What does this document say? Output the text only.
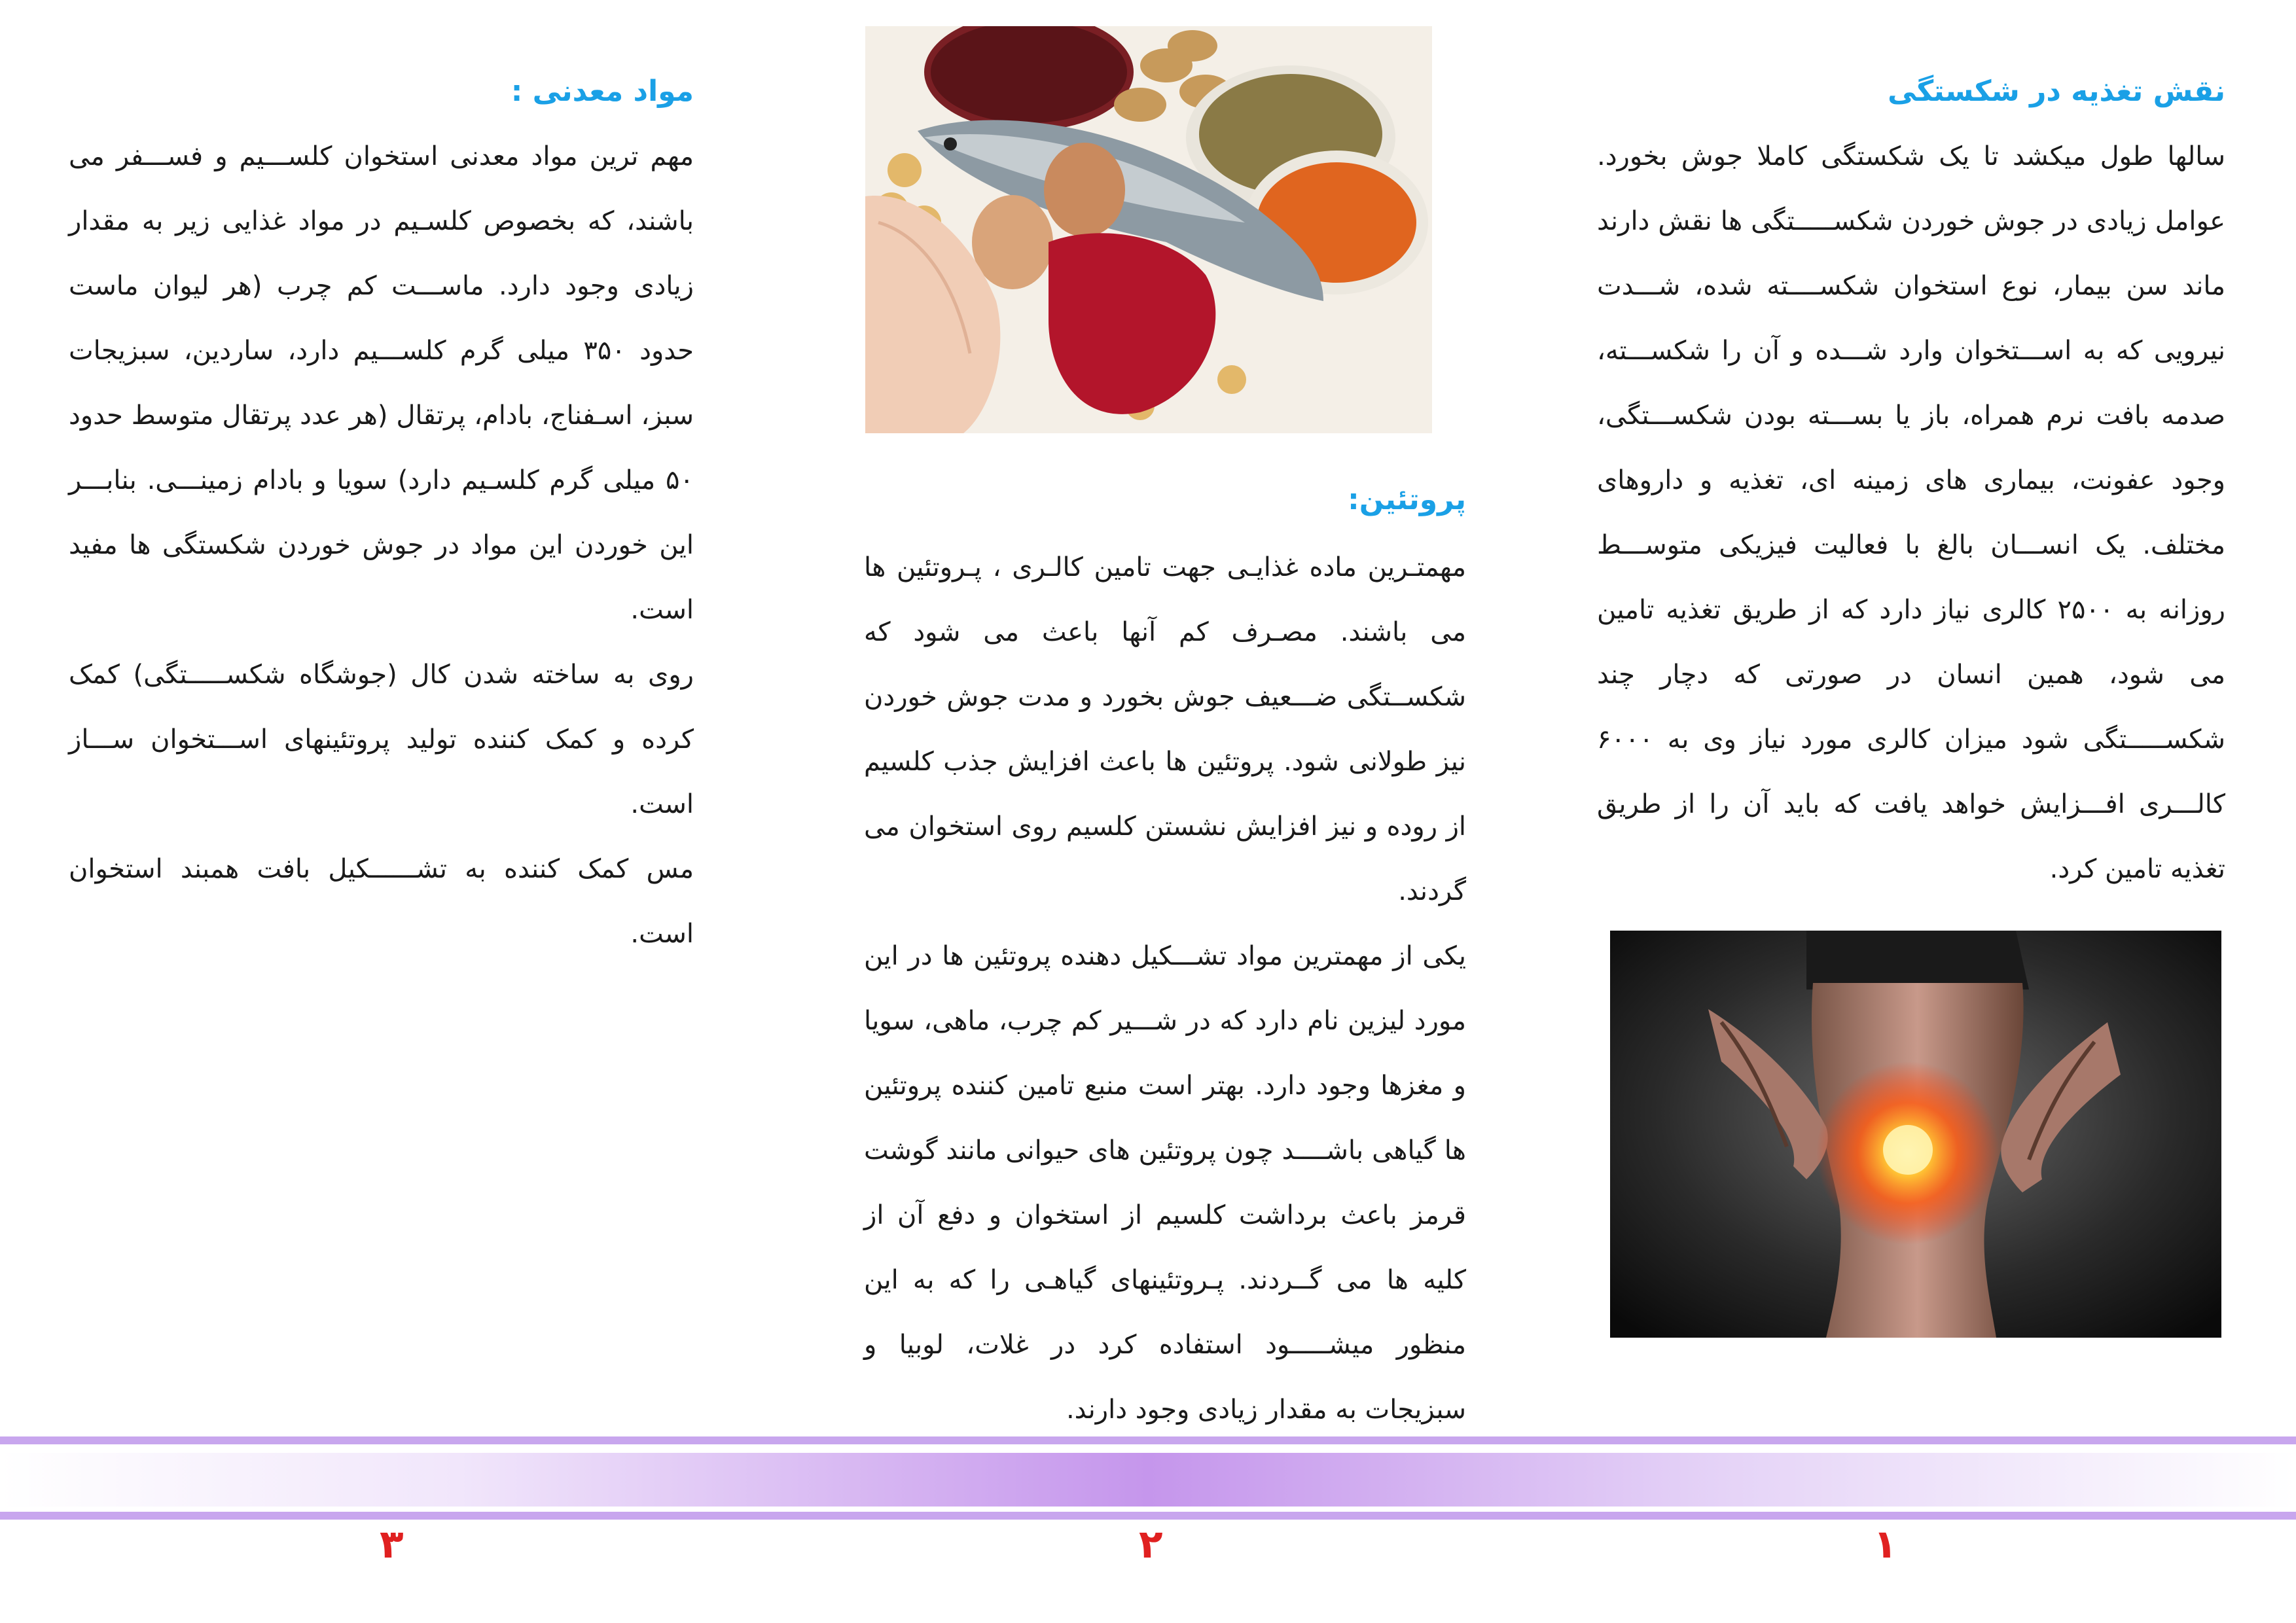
نقش تغذیه در شکستگی

سالها طول میکشد تا یک شکستگی کاملا جوش بخورد. عوامل زیادی در جوش خوردن شکســـــتگی ها نقش دارند ماند سن بیمار، نوع استخوان شکســــته شده، شـــدت نیرویی که به اســـتخوان وارد شـــده و آن را شکســـته، صدمه بافت نرم همراه، باز یا بســـته بودن شکســـتگی، وجود عفونت، بیماری های زمینه ای، تغذیه و داروهای مختلف. یک انســـان بالغ با فعالیت فیزیکی متوســـط روزانه به ۲۵۰۰ کالری نیاز دارد که از طریق تغذیه تامین می شود، همین انسان در صورتی که دچار چند شکســـــتگی شود میزان کالری مورد نیاز وی به ۶۰۰۰ کالـــری افـــزایش خواهد یافت که باید آن را از طریق تغذیه تامین کرد.

پروتئین:

مهمتـرین ماده غذایـی جهت تامین کالـری ، پـروتئین ها می باشند. مصـرف کم آنها باعث می شود که شکســتگی ضـــعیف جوش بخورد و مدت جوش خوردن نیز طولانی شود. پروتئین ها باعث افزایش جذب کلسیم از روده و نیز افزایش نشستن کلسیم روی استخوان می گردند.

یکی از مهمترین مواد تشـــکیل دهنده پروتئین ها در این مورد لیزین نام دارد که در شـــیر کم چرب، ماهی، سویا و مغزها وجود دارد. بهتر است منبع تامین کننده پروتئین ها گیاهی باشــــد چون پروتئین های حیوانی مانند گوشت قرمز باعث برداشت کلسیم از استخوان و دفع آن از کلیه ها می گــردند. پـروتئینهای گیاهـی را که به این منظور میشـــــود استفاده کرد در غلات، لوبیا و سبزیجات به مقدار زیادی وجود دارند.

مواد معدنی :

مهم ترین مواد معدنی استخوان کلســـیم و فســـفر می باشند، که بخصوص کلسـیم در مواد غذایی زیر به مقدار زیادی وجود دارد. ماســـت کم چرب (هر لیوان ماست حدود ۳۵۰ میلی گرم کلســـیم دارد، ساردین، سبزیجات سبز، اسـفناج، بادام، پرتقال (هر عدد پرتقال متوسط حدود ۵۰ میلی گرم کلسـیم دارد) سویا و بادام زمینـــی. بنابـــر این خوردن این مواد در جوش خوردن شکستگی ها مفید است.

روی به ساخته شدن کال (جوشگاه شکســـــتگی) کمک کرده و کمک کننده تولید پروتئینهای اســـتخوان ســـاز است.

مس کمک کننده به تشــــــکیل بافت همبند استخوان است.

۱
۲
۳
